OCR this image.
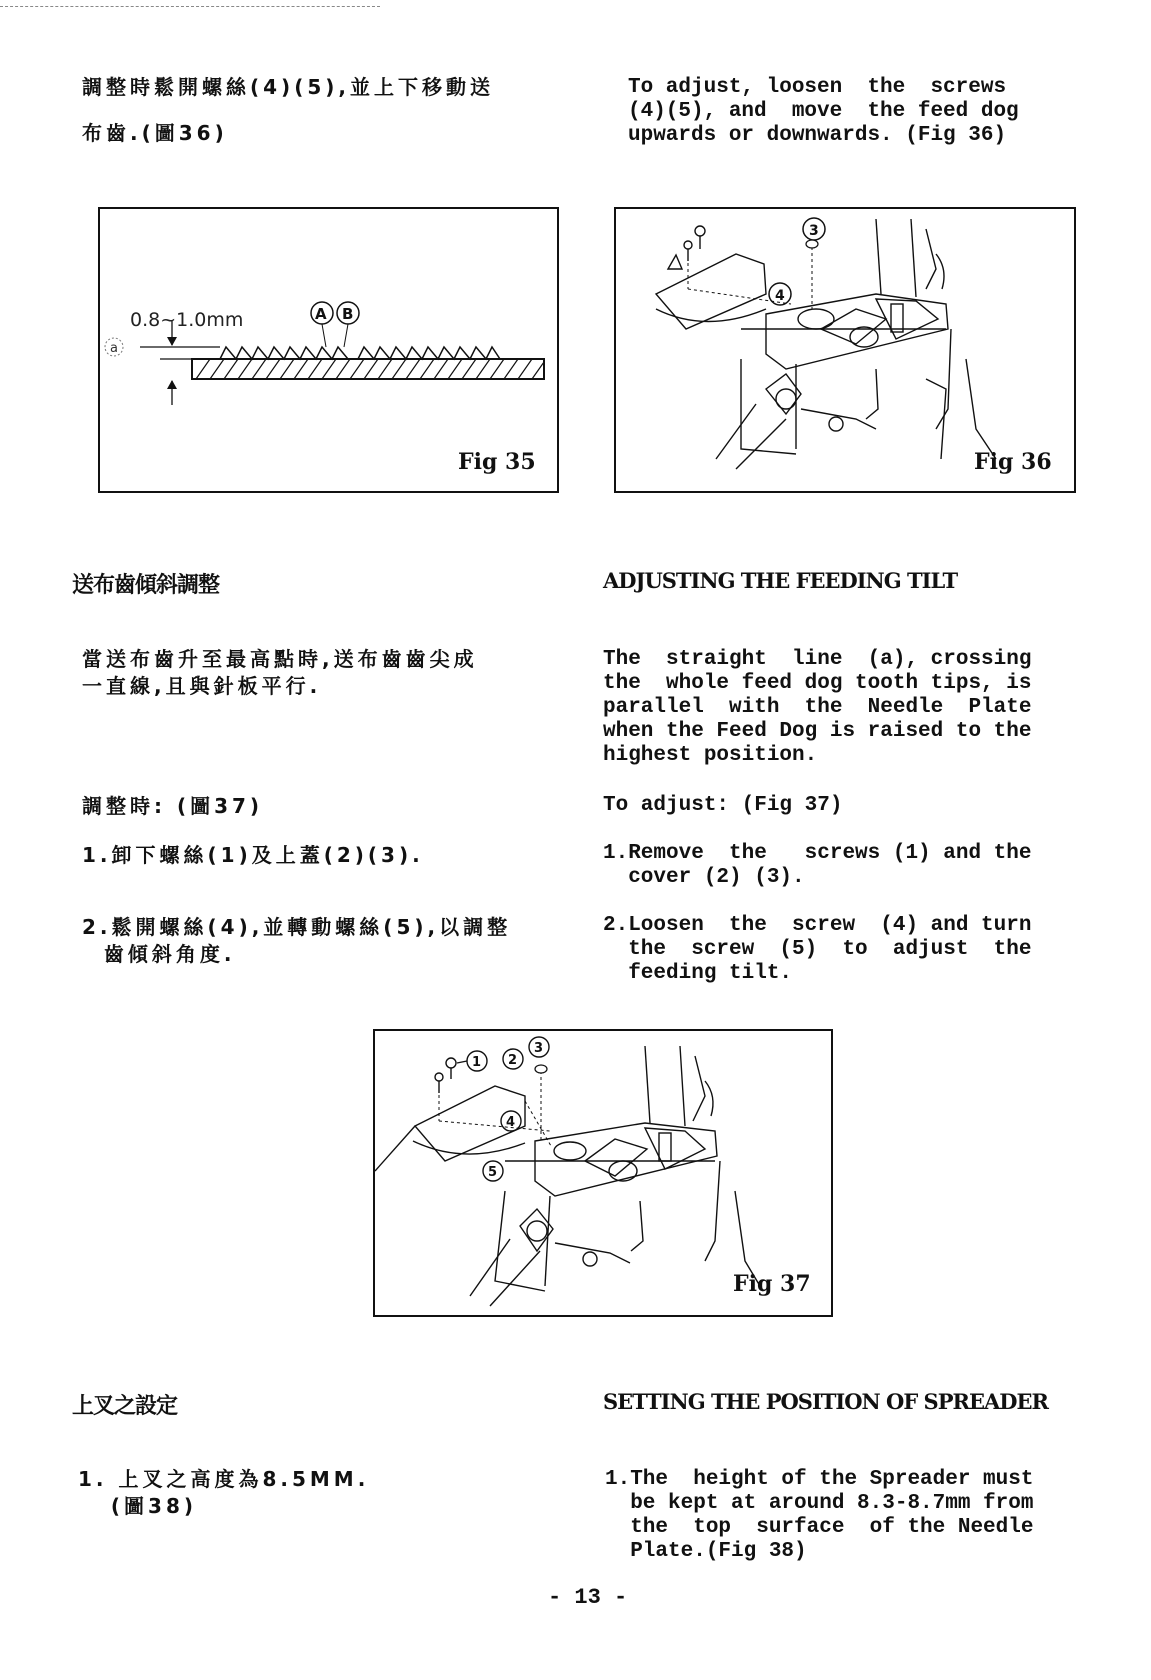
調整時鬆開螺絲(4)(5),並上下移動送
布齒.(圖36)
To adjust, loosen  the  screws
(4)(5), and  move  the feed dog
upwards or downwards. (Fig 36)
a
A B
0.8~1.0mm
Fig 35
3
4
Fig 36
送布齒傾斜調整	ADJUSTING THE FEEDING TILT
當送布齒升至最高點時,送布齒齒尖成
一直線,且與針板平行.
The  straight  line  (a), crossing
the  whole feed dog tooth tips, is
parallel  with  the  Needle  Plate
when the Feed Dog is raised to the
highest position.
調整時: (圖37)	To adjust: (Fig 37)
1.卸下螺絲(1)及上蓋(2)(3).	1.Remove  the   screws (1) and the
cover (2) (3).
2.鬆開螺絲(4),並轉動螺絲(5),以調整
齒傾斜角度.
2.Loosen  the  screw  (4) and turn
the  screw  (5)  to  adjust  the
feeding tilt.
1 2
3
4
5
Fig 37
上叉之設定	SETTING THE POSITION OF SPREADER
1. 上叉之高度為8.5MM.
(圖38)
1.The  height of the Spreader must
be kept at around 8.3-8.7mm from
the  top  surface  of the Needle
Plate.(Fig 38)
- 13 -
